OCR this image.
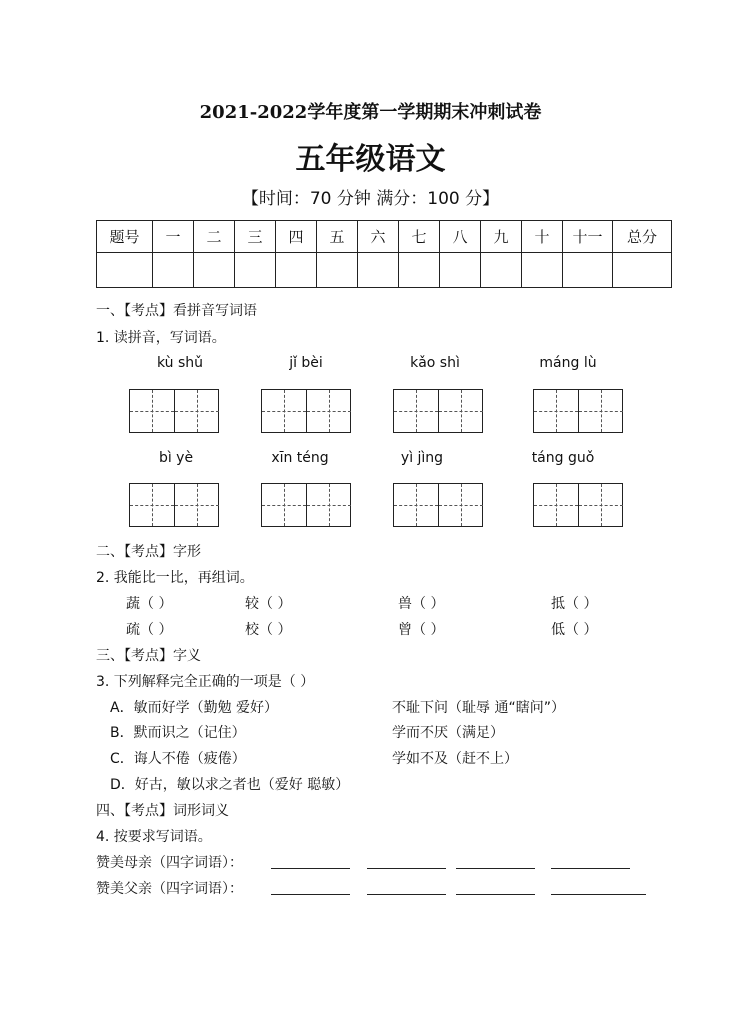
2021-2022学年度第一学期期末冲刺试卷
五年级语文
【时间：70 分钟 满分：100 分】
题号	一	二	三	四	五	六	七	八	九	十	十一	总分

一、【考点】看拼音写词语
1. 读拼音，写词语。
kù shǔ	jǐ bèi	kǎo shì	máng lù
bì yè	xīn téng	yì jìng	táng guǒ
二、【考点】字形
2. 我能比一比，再组词。
蔬（ ）	较（ ）	兽（ ）	抵（ ）
疏（ ）	校（ ）	曾（ ）	低（ ）
三、【考点】字义
3. 下列解释完全正确的一项是（ ）
A．敏而好学（勤勉 爱好）	不耻下问（耻辱 通“瞎问”）
B．默而识之（记住）	学而不厌（满足）
C．诲人不倦（疲倦）	学如不及（赶不上）
D．好古，敏以求之者也（爱好 聪敏）
四、【考点】词形词义
4. 按要求写词语。
赞美母亲（四字词语）：
赞美父亲（四字词语）：
